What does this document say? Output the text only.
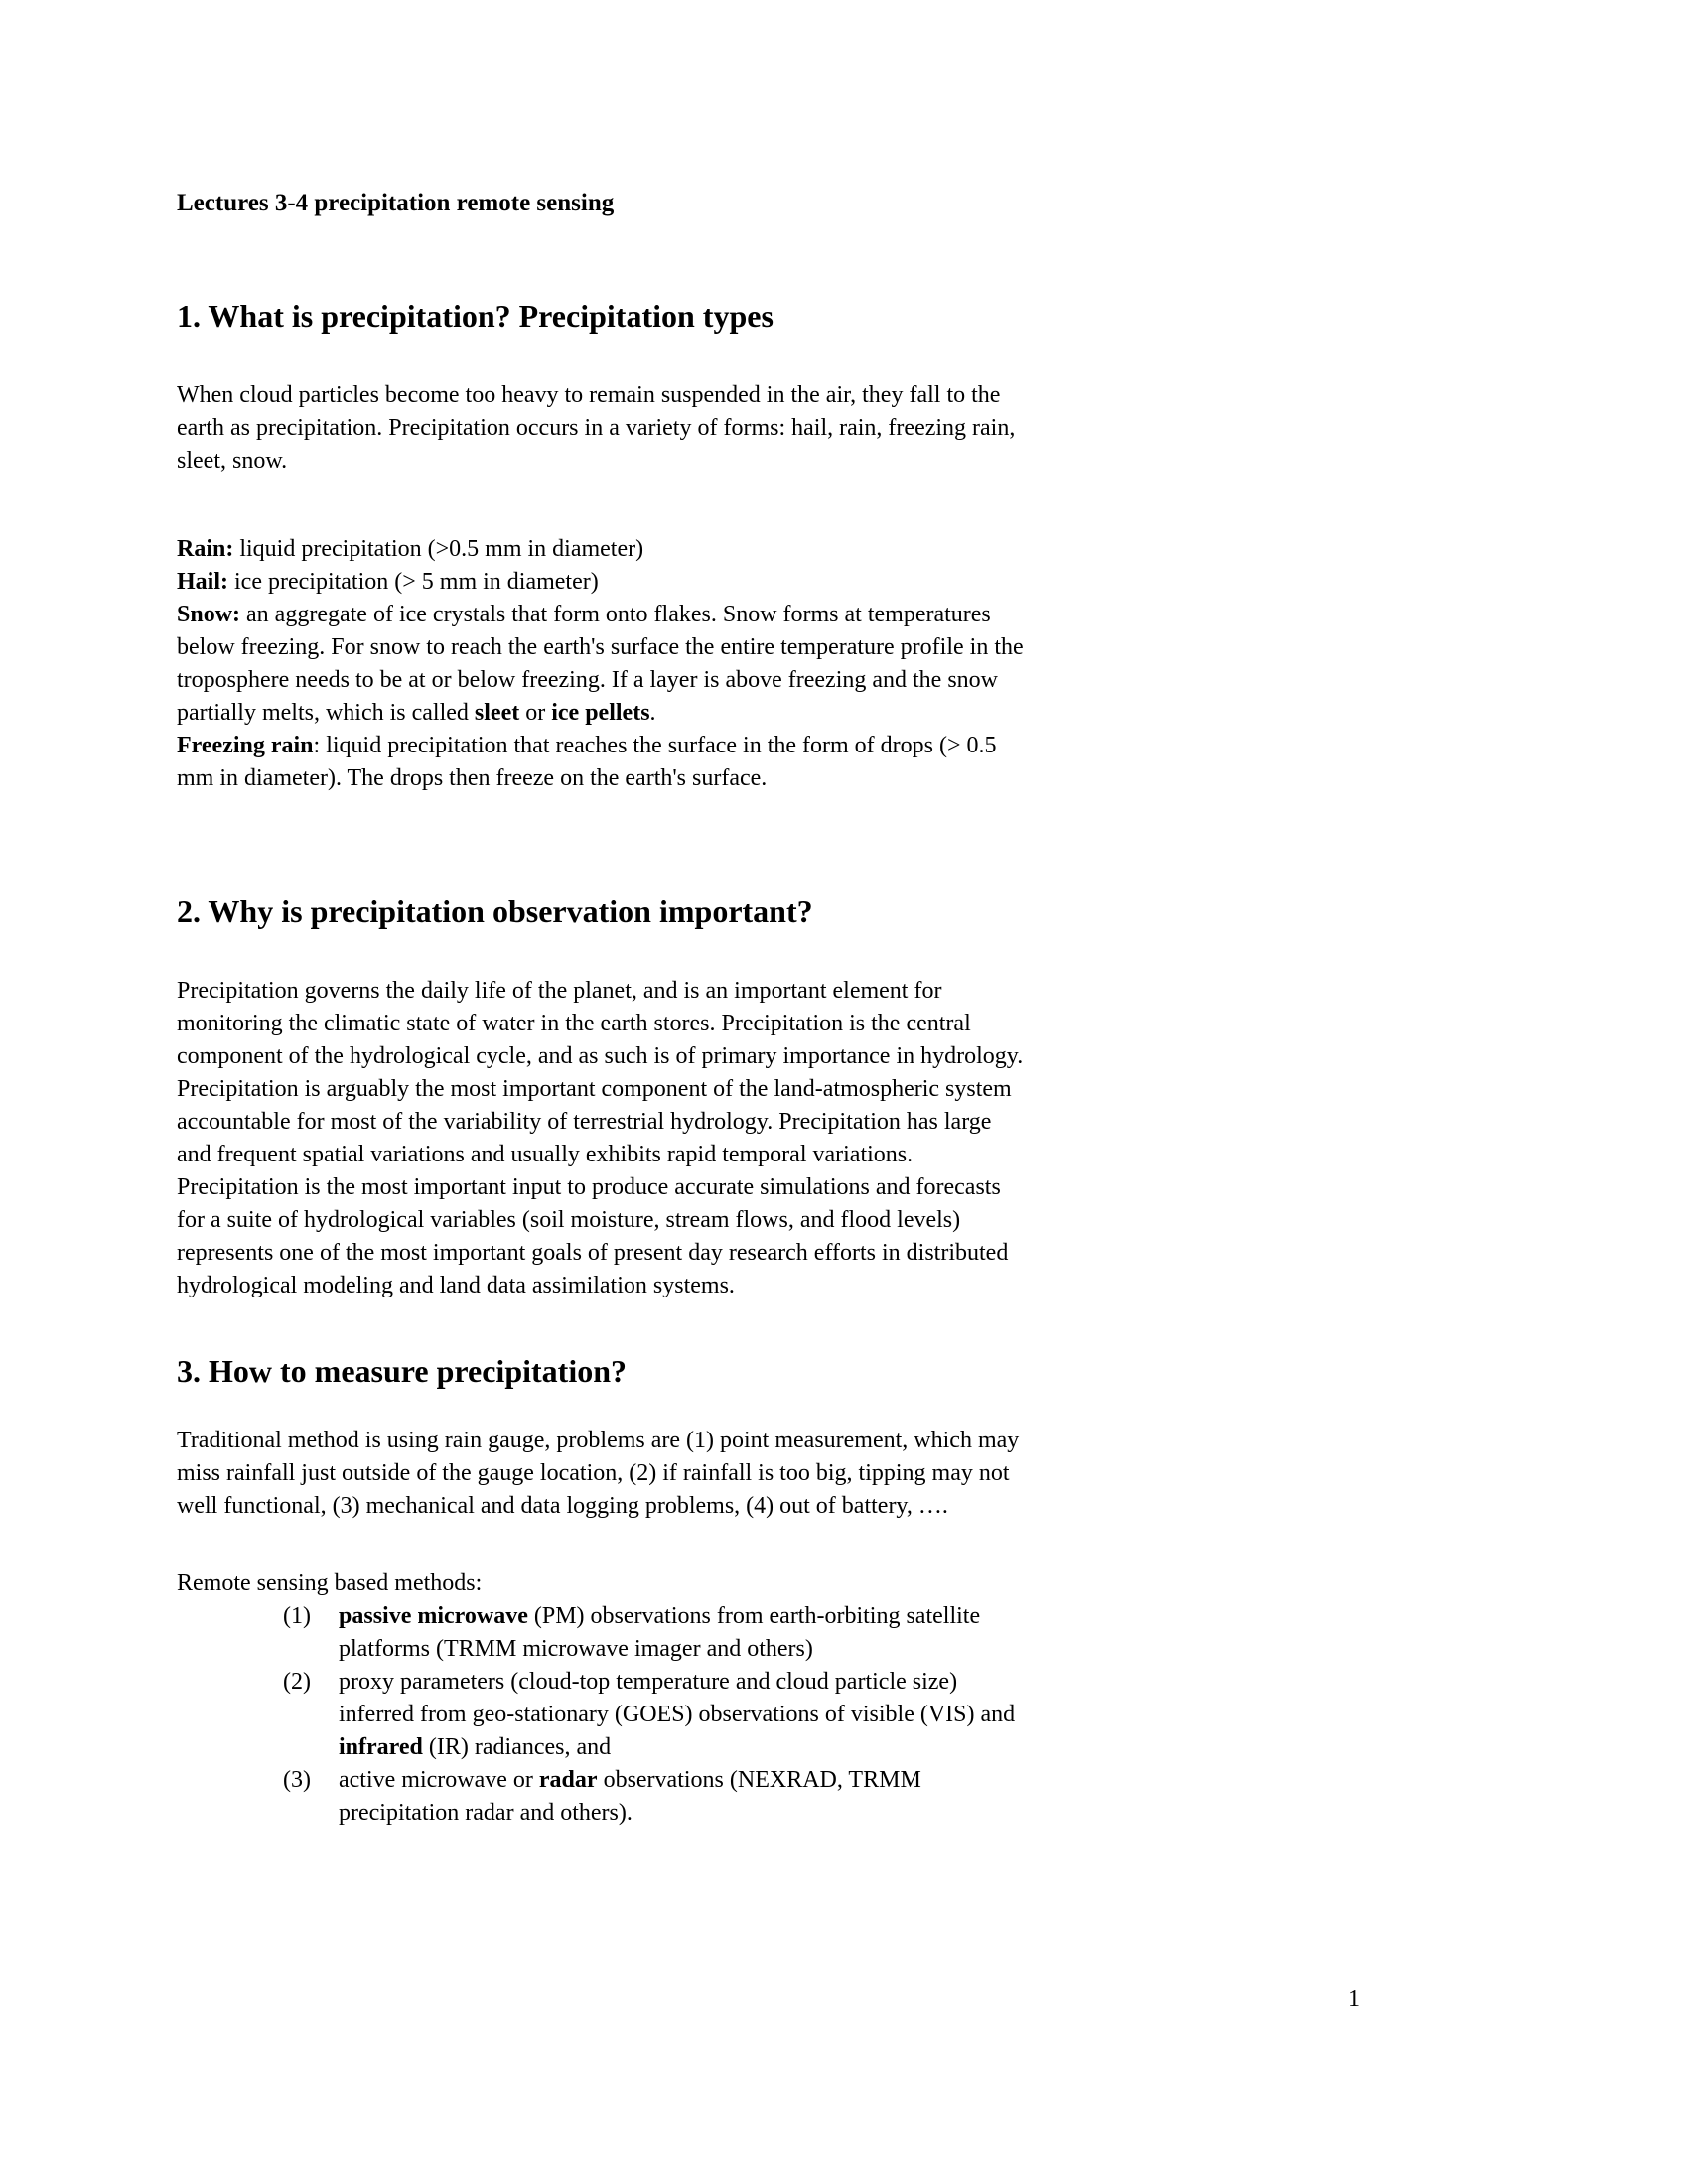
Lectures 3-4 precipitation remote sensing
1. What is precipitation? Precipitation types

When cloud particles become too heavy to remain suspended in the air, they fall to the earth as precipitation. Precipitation occurs in a variety of forms: hail, rain, freezing rain, sleet, snow.

Rain: liquid precipitation (>0.5 mm in diameter)
Hail: ice precipitation (> 5 mm in diameter)
Snow: an aggregate of ice crystals that form onto flakes. Snow forms at temperatures below freezing. For snow to reach the earth's surface the entire temperature profile in the troposphere needs to be at or below freezing. If a layer is above freezing and the snow partially melts, which is called sleet or ice pellets.
Freezing rain: liquid precipitation that reaches the surface in the form of drops (> 0.5 mm in diameter). The drops then freeze on the earth's surface.
2. Why is precipitation observation important?

Precipitation governs the daily life of the planet, and is an important element for monitoring the climatic state of water in the earth stores. Precipitation is the central component of the hydrological cycle, and as such is of primary importance in hydrology. Precipitation is arguably the most important component of the land-atmospheric system accountable for most of the variability of terrestrial hydrology. Precipitation has large and frequent spatial variations and usually exhibits rapid temporal variations. Precipitation is the most important input to produce accurate simulations and forecasts for a suite of hydrological variables (soil moisture, stream flows, and flood levels) represents one of the most important goals of present day research efforts in distributed hydrological modeling and land data assimilation systems.

3. How to measure precipitation?

Traditional method is using rain gauge, problems are (1) point measurement, which may miss rainfall just outside of the gauge location, (2) if rainfall is too big, tipping may not well functional, (3) mechanical and data logging problems, (4) out of battery, ….

Remote sensing based methods:

(1)	passive microwave (PM) observations from earth-orbiting satellite platforms (TRMM microwave imager and others)
(2)	proxy parameters (cloud-top temperature and cloud particle size) inferred from geo-stationary (GOES) observations of visible (VIS) and infrared (IR) radiances, and
(3)	active microwave or radar observations (NEXRAD, TRMM precipitation radar and others).
1
